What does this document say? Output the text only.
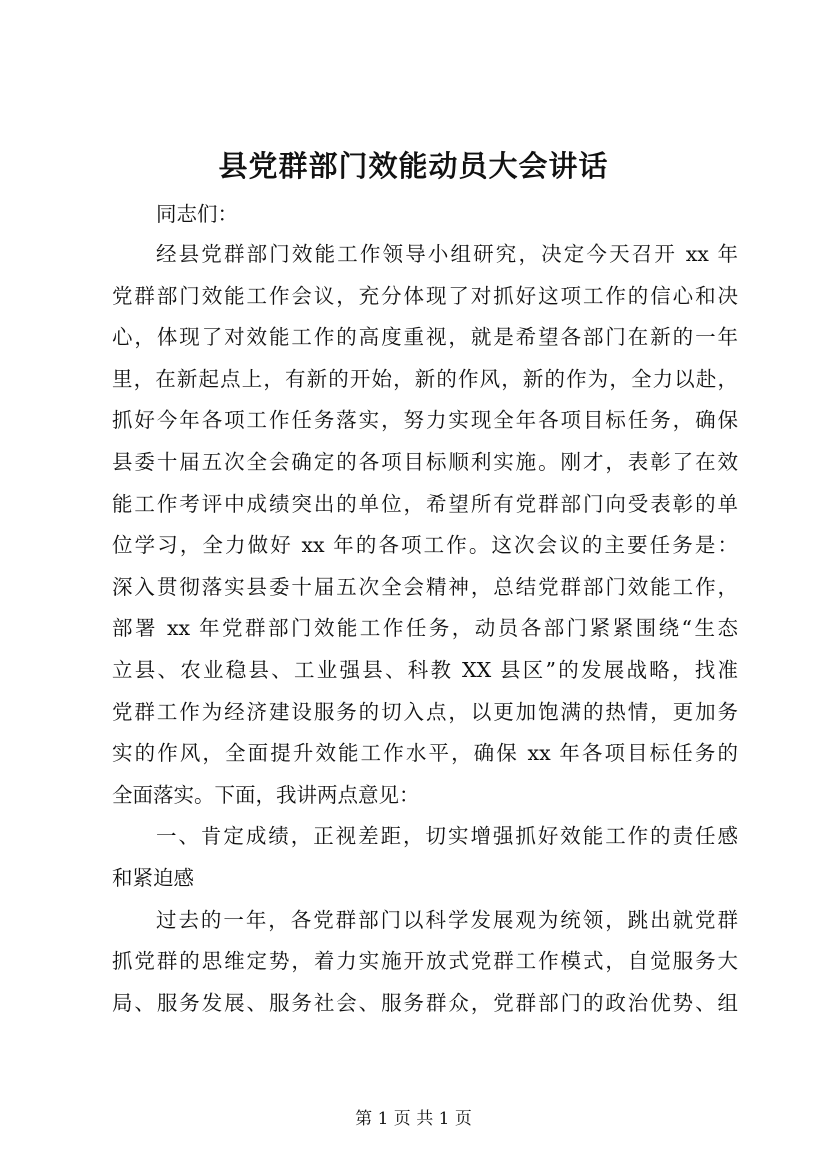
县党群部门效能动员大会讲话
同志们：
经县党群部门效能工作领导小组研究，决定今天召开 xx 年
党群部门效能工作会议，充分体现了对抓好这项工作的信心和决
心，体现了对效能工作的高度重视，就是希望各部门在新的一年
里，在新起点上，有新的开始，新的作风，新的作为，全力以赴，
抓好今年各项工作任务落实，努力实现全年各项目标任务，确保
县委十届五次全会确定的各项目标顺利实施。刚才，表彰了在效
能工作考评中成绩突出的单位，希望所有党群部门向受表彰的单
位学习，全力做好 xx 年的各项工作。这次会议的主要任务是：
深入贯彻落实县委十届五次全会精神，总结党群部门效能工作，
部署 xx 年党群部门效能工作任务，动员各部门紧紧围绕“生态
立县、农业稳县、工业强县、科教 XX 县区”的发展战略，找准
党群工作为经济建设服务的切入点，以更加饱满的热情，更加务
实的作风，全面提升效能工作水平，确保 xx 年各项目标任务的
全面落实。下面，我讲两点意见：
一、肯定成绩，正视差距，切实增强抓好效能工作的责任感
和紧迫感
过去的一年，各党群部门以科学发展观为统领，跳出就党群
抓党群的思维定势，着力实施开放式党群工作模式，自觉服务大
局、服务发展、服务社会、服务群众，党群部门的政治优势、组
第 1 页 共 1 页
